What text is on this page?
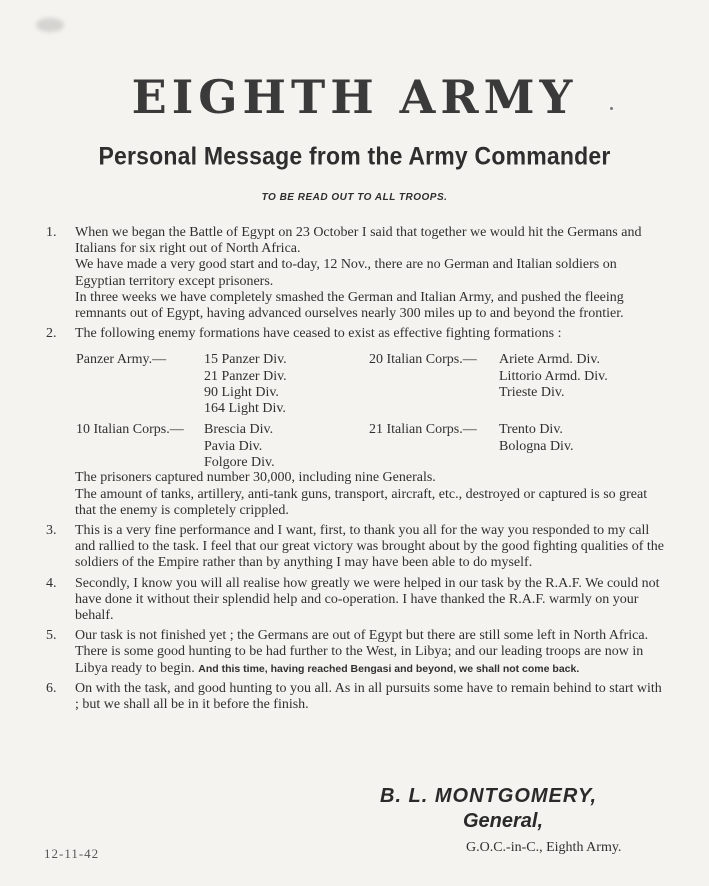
EIGHTH ARMY
Personal Message from the Army Commander
TO BE READ OUT TO ALL TROOPS.
1. When we began the Battle of Egypt on 23 October I said that together we would hit the Germans and Italians for six right out of North Africa.

We have made a very good start and to-day, 12 Nov., there are no German and Italian soldiers on Egyptian territory except prisoners.

In three weeks we have completely smashed the German and Italian Army, and pushed the fleeing remnants out of Egypt, having advanced ourselves nearly 300 miles up to and beyond the frontier.

2. The following enemy formations have ceased to exist as effective fighting formations :

Panzer Army.—	15 Panzer Div.
21 Panzer Div.
90 Light Div.
164 Light Div.
20 Italian Corps.— Ariete Armd. Div.
Littorio Armd. Div.
Trieste Div.
10 Italian Corps.— Brescia Div.
Pavia Div.
Folgore Div.
21 Italian Corps.— Trento Div.
Bologna Div.

The prisoners captured number 30,000, including nine Generals.

The amount of tanks, artillery, anti-tank guns, transport, aircraft, etc., destroyed or captured is so great that the enemy is completely crippled.

3. This is a very fine performance and I want, first, to thank you all for the way you responded to my call and rallied to the task. I feel that our great victory was brought about by the good fighting qualities of the soldiers of the Empire rather than by anything I may have been able to do myself.

4. Secondly, I know you will all realise how greatly we were helped in our task by the R.A.F. We could not have done it without their splendid help and co-operation. I have thanked the R.A.F. warmly on your behalf.

5. Our task is not finished yet ; the Germans are out of Egypt but there are still some left in North Africa. There is some good hunting to be had further to the West, in Libya; and our leading troops are now in Libya ready to begin. And this time, having reached Bengasi and beyond, we shall not come back.

6. On with the task, and good hunting to you all. As in all pursuits some have to remain behind to start with ; but we shall all be in it before the finish.

B. L. MONTGOMERY,
General,
G.O.C.-in-C., Eighth Army.
12-11-42
